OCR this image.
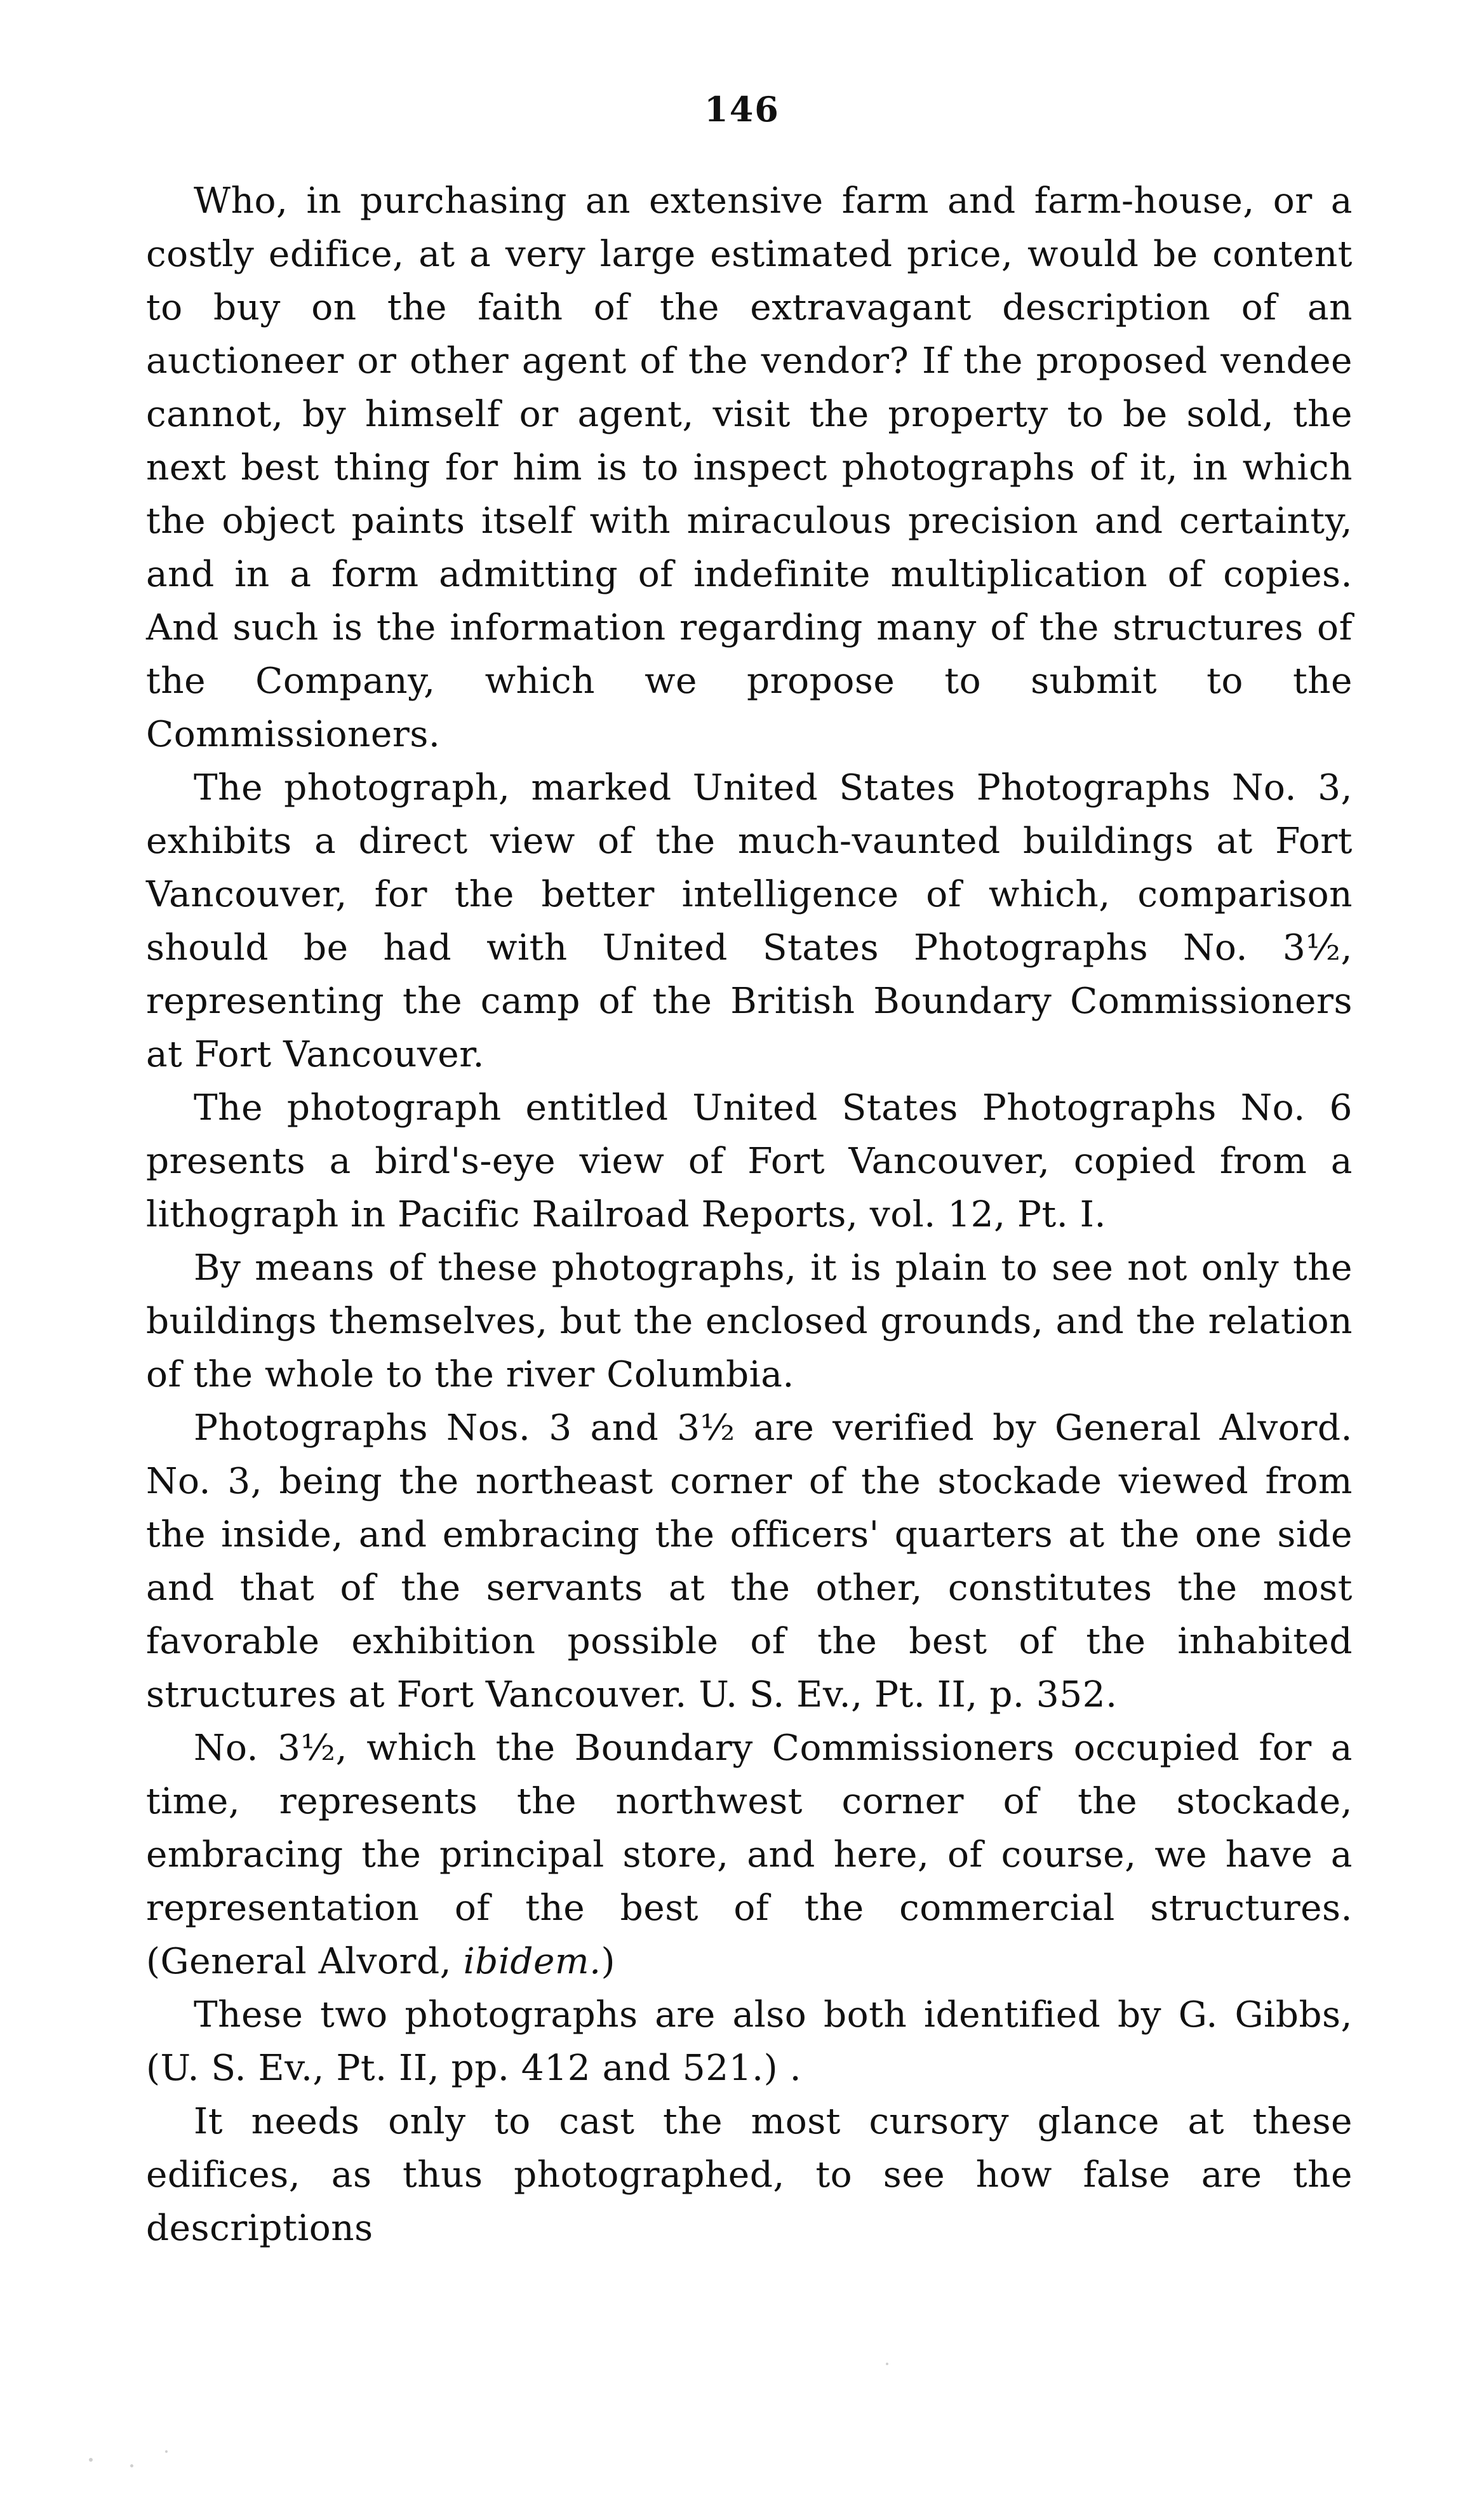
146

Who, in purchasing an extensive farm and farm-house, or a costly edifice, at a very large estimated price, would be content to buy on the faith of the extravagant description of an auctioneer or other agent of the vendor? If the proposed vendee cannot, by himself or agent, visit the property to be sold, the next best thing for him is to inspect photographs of it, in which the object paints itself with miraculous precision and certainty, and in a form admitting of indefinite multiplication of copies. And such is the information regarding many of the structures of the Company, which we propose to submit to the Commissioners.

The photograph, marked United States Photographs No. 3, exhibits a direct view of the much-vaunted buildings at Fort Vancouver, for the better intelligence of which, comparison should be had with United States Photographs No. 3½, representing the camp of the British Boundary Commissioners at Fort Vancouver.

The photograph entitled United States Photographs No. 6 presents a bird's-eye view of Fort Vancouver, copied from a lithograph in Pacific Railroad Reports, vol. 12, Pt. I.

By means of these photographs, it is plain to see not only the buildings themselves, but the enclosed grounds, and the relation of the whole to the river Columbia.

Photographs Nos. 3 and 3½ are verified by General Alvord. No. 3, being the northeast corner of the stockade viewed from the inside, and embracing the officers' quarters at the one side and that of the servants at the other, constitutes the most favorable exhibition possible of the best of the inhabited structures at Fort Vancouver. U. S. Ev., Pt. II, p. 352.

No. 3½, which the Boundary Commissioners occupied for a time, represents the northwest corner of the stockade, embracing the principal store, and here, of course, we have a representation of the best of the commercial structures. (General Alvord, ibidem.)

These two photographs are also both identified by G. Gibbs, (U. S. Ev., Pt. II, pp. 412 and 521.) .

It needs only to cast the most cursory glance at these edifices, as thus photographed, to see how false are the descriptions
